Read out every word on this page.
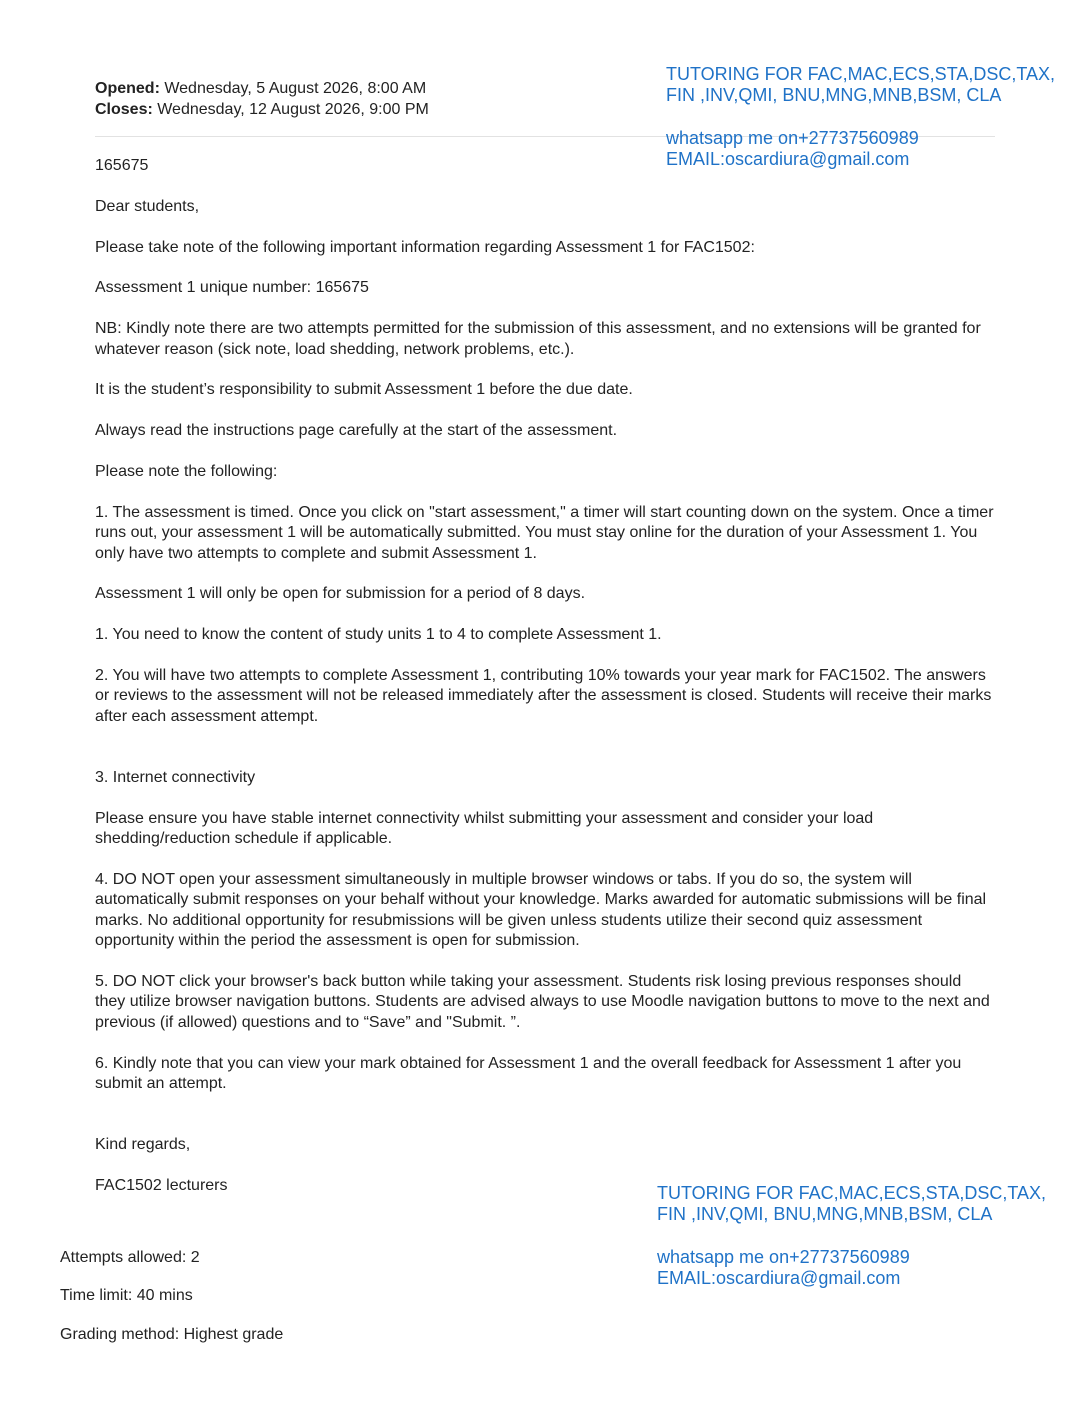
Opened: Wednesday, 5 August 2026, 8:00 AM
Closes: Wednesday, 12 August 2026, 9:00 PM

165675

Dear students,

Please take note of the following important information regarding Assessment 1 for FAC1502:

Assessment 1 unique number: 165675

NB: Kindly note there are two attempts permitted for the submission of this assessment, and no extensions will be granted for whatever reason (sick note, load shedding, network problems, etc.).

It is the student’s responsibility to submit Assessment 1 before the due date.

Always read the instructions page carefully at the start of the assessment.

Please note the following:

1. The assessment is timed. Once you click on "start assessment," a timer will start counting down on the system. Once a timer runs out, your assessment 1 will be automatically submitted. You must stay online for the duration of your Assessment 1. You only have two attempts to complete and submit Assessment 1.

Assessment 1 will only be open for submission for a period of 8 days.

1. You need to know the content of study units 1 to 4 to complete Assessment 1.

2. You will have two attempts to complete Assessment 1, contributing 10% towards your year mark for FAC1502. The answers or reviews to the assessment will not be released immediately after the assessment is closed. Students will receive their marks after each assessment attempt.

3. Internet connectivity

Please ensure you have stable internet connectivity whilst submitting your assessment and consider your load shedding/reduction schedule if applicable.

4. DO NOT open your assessment simultaneously in multiple browser windows or tabs. If you do so, the system will automatically submit responses on your behalf without your knowledge. Marks awarded for automatic submissions will be final marks. No additional opportunity for resubmissions will be given unless students utilize their second quiz assessment opportunity within the period the assessment is open for submission.

5. DO NOT click your browser's back button while taking your assessment. Students risk losing previous responses should they utilize browser navigation buttons. Students are advised always to use Moodle navigation buttons to move to the next and previous (if allowed) questions and to “Save” and "Submit. ”.

6. Kindly note that you can view your mark obtained for Assessment 1 and the overall feedback for Assessment 1 after you submit an attempt.

Kind regards,

FAC1502 lecturers

Attempts allowed: 2
Time limit: 40 mins
Grading method: Highest grade
TUTORING FOR FAC,MAC,ECS,STA,DSC,TAX,
FIN ,INV,QMI, BNU,MNG,MNB,BSM, CLA
whatsapp me on+27737560989
EMAIL:oscardiura@gmail.com
TUTORING FOR FAC,MAC,ECS,STA,DSC,TAX,
FIN ,INV,QMI, BNU,MNG,MNB,BSM, CLA
whatsapp me on+27737560989
EMAIL:oscardiura@gmail.com
